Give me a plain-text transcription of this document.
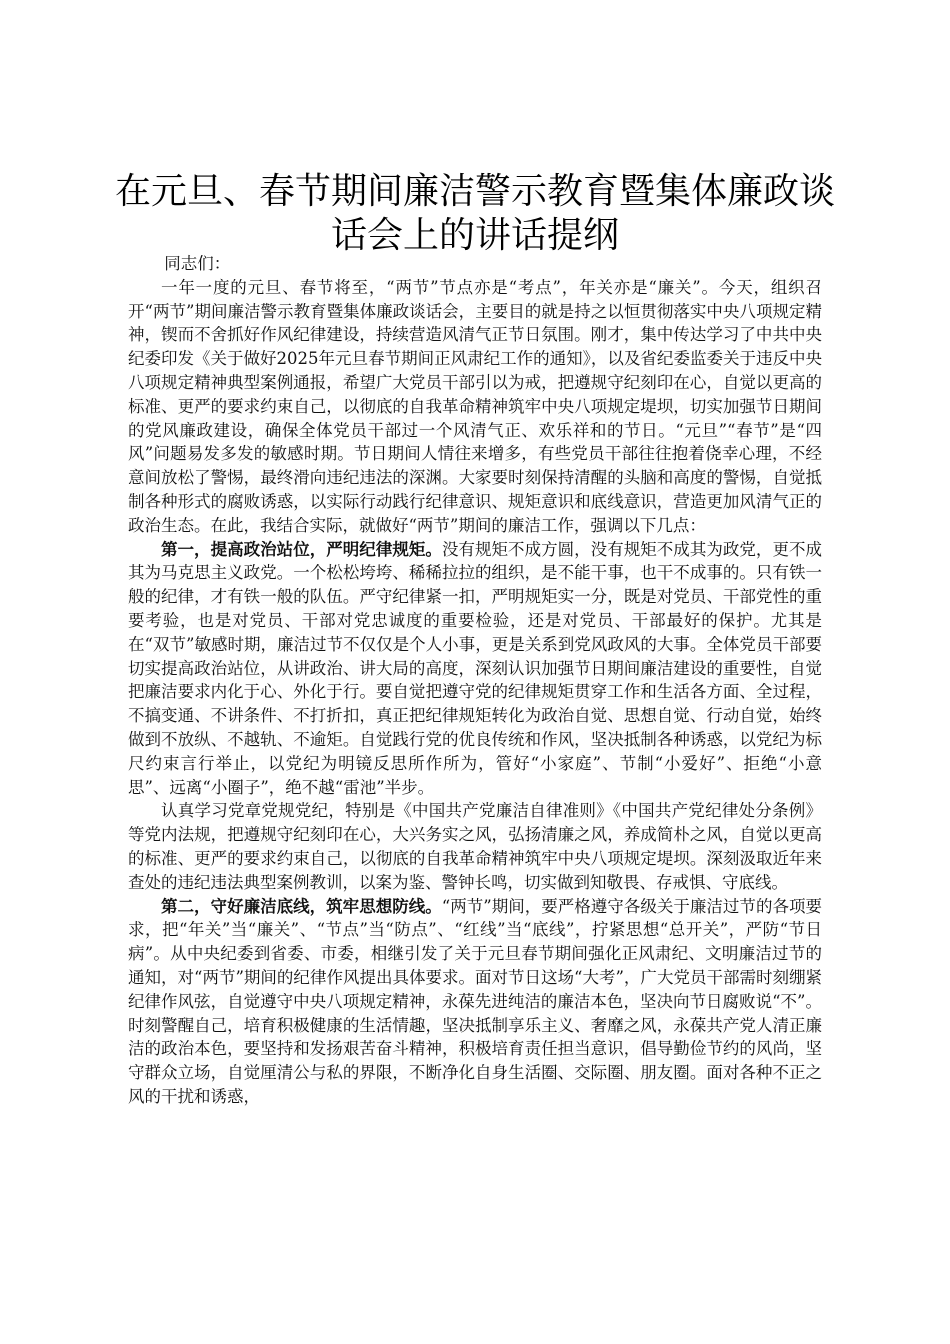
在元旦、春节期间廉洁警示教育暨集体廉政谈
话会上的讲话提纲

同志们：

一年一度的元旦、春节将至，“两节”节点亦是“考点”，年关亦是“廉关”。今天，组织召开“两节”期间廉洁警示教育暨集体廉政谈话会，主要目的就是持之以恒贯彻落实中央八项规定精神，锲而不舍抓好作风纪律建设，持续营造风清气正节日氛围。刚才，集中传达学习了中共中央纪委印发《关于做好2025年元旦春节期间正风肃纪工作的通知》，以及省纪委监委关于违反中央八项规定精神典型案例通报，希望广大党员干部引以为戒，把遵规守纪刻印在心，自觉以更高的标准、更严的要求约束自己，以彻底的自我革命精神筑牢中央八项规定堤坝，切实加强节日期间的党风廉政建设，确保全体党员干部过一个风清气正、欢乐祥和的节日。“元旦”“春节”是“四风”问题易发多发的敏感时期。节日期间人情往来增多，有些党员干部往往抱着侥幸心理，不经意间放松了警惕，最终滑向违纪违法的深渊。大家要时刻保持清醒的头脑和高度的警惕，自觉抵制各种形式的腐败诱惑，以实际行动践行纪律意识、规矩意识和底线意识，营造更加风清气正的政治生态。在此，我结合实际，就做好“两节”期间的廉洁工作，强调以下几点：

第一，提高政治站位，严明纪律规矩。没有规矩不成方圆，没有规矩不成其为政党，更不成其为马克思主义政党。一个松松垮垮、稀稀拉拉的组织，是不能干事，也干不成事的。只有铁一般的纪律，才有铁一般的队伍。严守纪律紧一扣，严明规矩实一分，既是对党员、干部党性的重要考验，也是对党员、干部对党忠诚度的重要检验，还是对党员、干部最好的保护。尤其是在“双节”敏感时期，廉洁过节不仅仅是个人小事，更是关系到党风政风的大事。全体党员干部要切实提高政治站位，从讲政治、讲大局的高度，深刻认识加强节日期间廉洁建设的重要性，自觉把廉洁要求内化于心、外化于行。要自觉把遵守党的纪律规矩贯穿工作和生活各方面、全过程，不搞变通、不讲条件、不打折扣，真正把纪律规矩转化为政治自觉、思想自觉、行动自觉，始终做到不放纵、不越轨、不逾矩。自觉践行党的优良传统和作风，坚决抵制各种诱惑，以党纪为标尺约束言行举止，以党纪为明镜反思所作所为，管好“小家庭”、节制“小爱好”、拒绝“小意思”、远离“小圈子”，绝不越“雷池”半步。

认真学习党章党规党纪，特别是《中国共产党廉洁自律准则》《中国共产党纪律处分条例》等党内法规，把遵规守纪刻印在心，大兴务实之风，弘扬清廉之风，养成简朴之风，自觉以更高的标准、更严的要求约束自己，以彻底的自我革命精神筑牢中央八项规定堤坝。深刻汲取近年来查处的违纪违法典型案例教训，以案为鉴、警钟长鸣，切实做到知敬畏、存戒惧、守底线。

第二，守好廉洁底线，筑牢思想防线。“两节”期间，要严格遵守各级关于廉洁过节的各项要求，把“年关”当“廉关”、“节点”当“防点”、“红线”当“底线”，拧紧思想“总开关”，严防“节日病”。从中央纪委到省委、市委，相继引发了关于元旦春节期间强化正风肃纪、文明廉洁过节的通知，对“两节”期间的纪律作风提出具体要求。面对节日这场“大考”，广大党员干部需时刻绷紧纪律作风弦，自觉遵守中央八项规定精神，永葆先进纯洁的廉洁本色，坚决向节日腐败说“不”。时刻警醒自己，培育积极健康的生活情趣，坚决抵制享乐主义、奢靡之风，永葆共产党人清正廉洁的政治本色，要坚持和发扬艰苦奋斗精神，积极培育责任担当意识，倡导勤俭节约的风尚，坚守群众立场，自觉厘清公与私的界限，不断净化自身生活圈、交际圈、朋友圈。面对各种不正之风的干扰和诱惑，
